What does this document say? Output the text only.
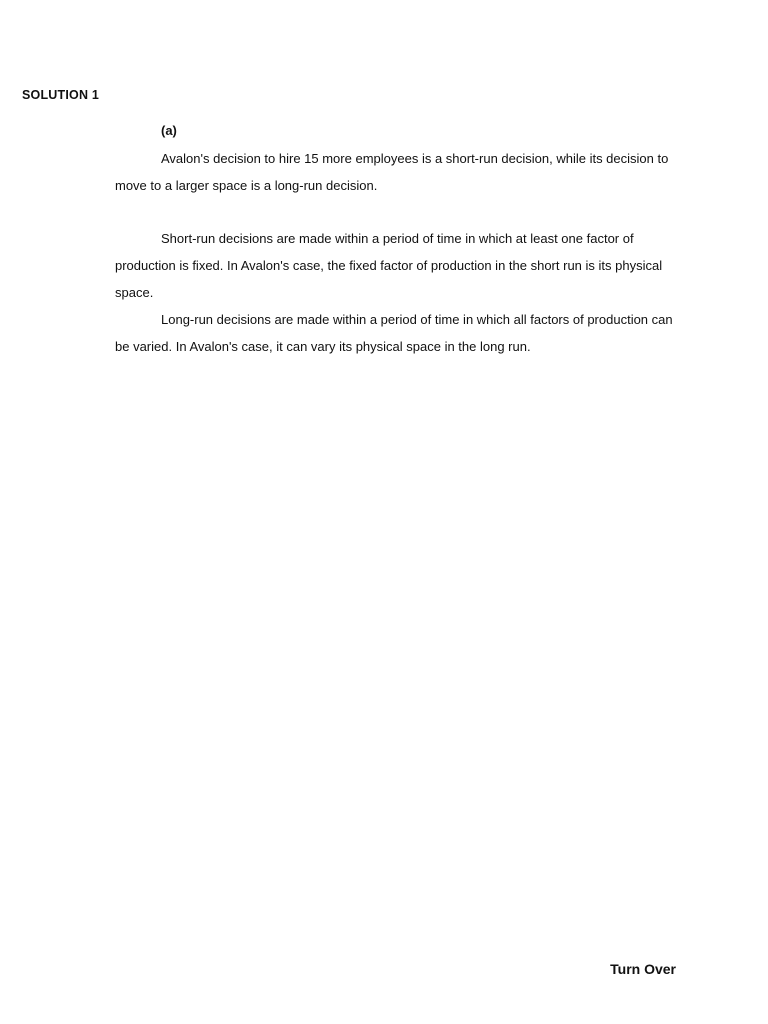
SOLUTION 1
(a)

Avalon's decision to hire 15 more employees is a short-run decision, while its decision to move to a larger space is a long-run decision.

Short-run decisions are made within a period of time in which at least one factor of production is fixed. In Avalon's case, the fixed factor of production in the short run is its physical space.

Long-run decisions are made within a period of time in which all factors of production can be varied. In Avalon's case, it can vary its physical space in the long run.

Turn Over
